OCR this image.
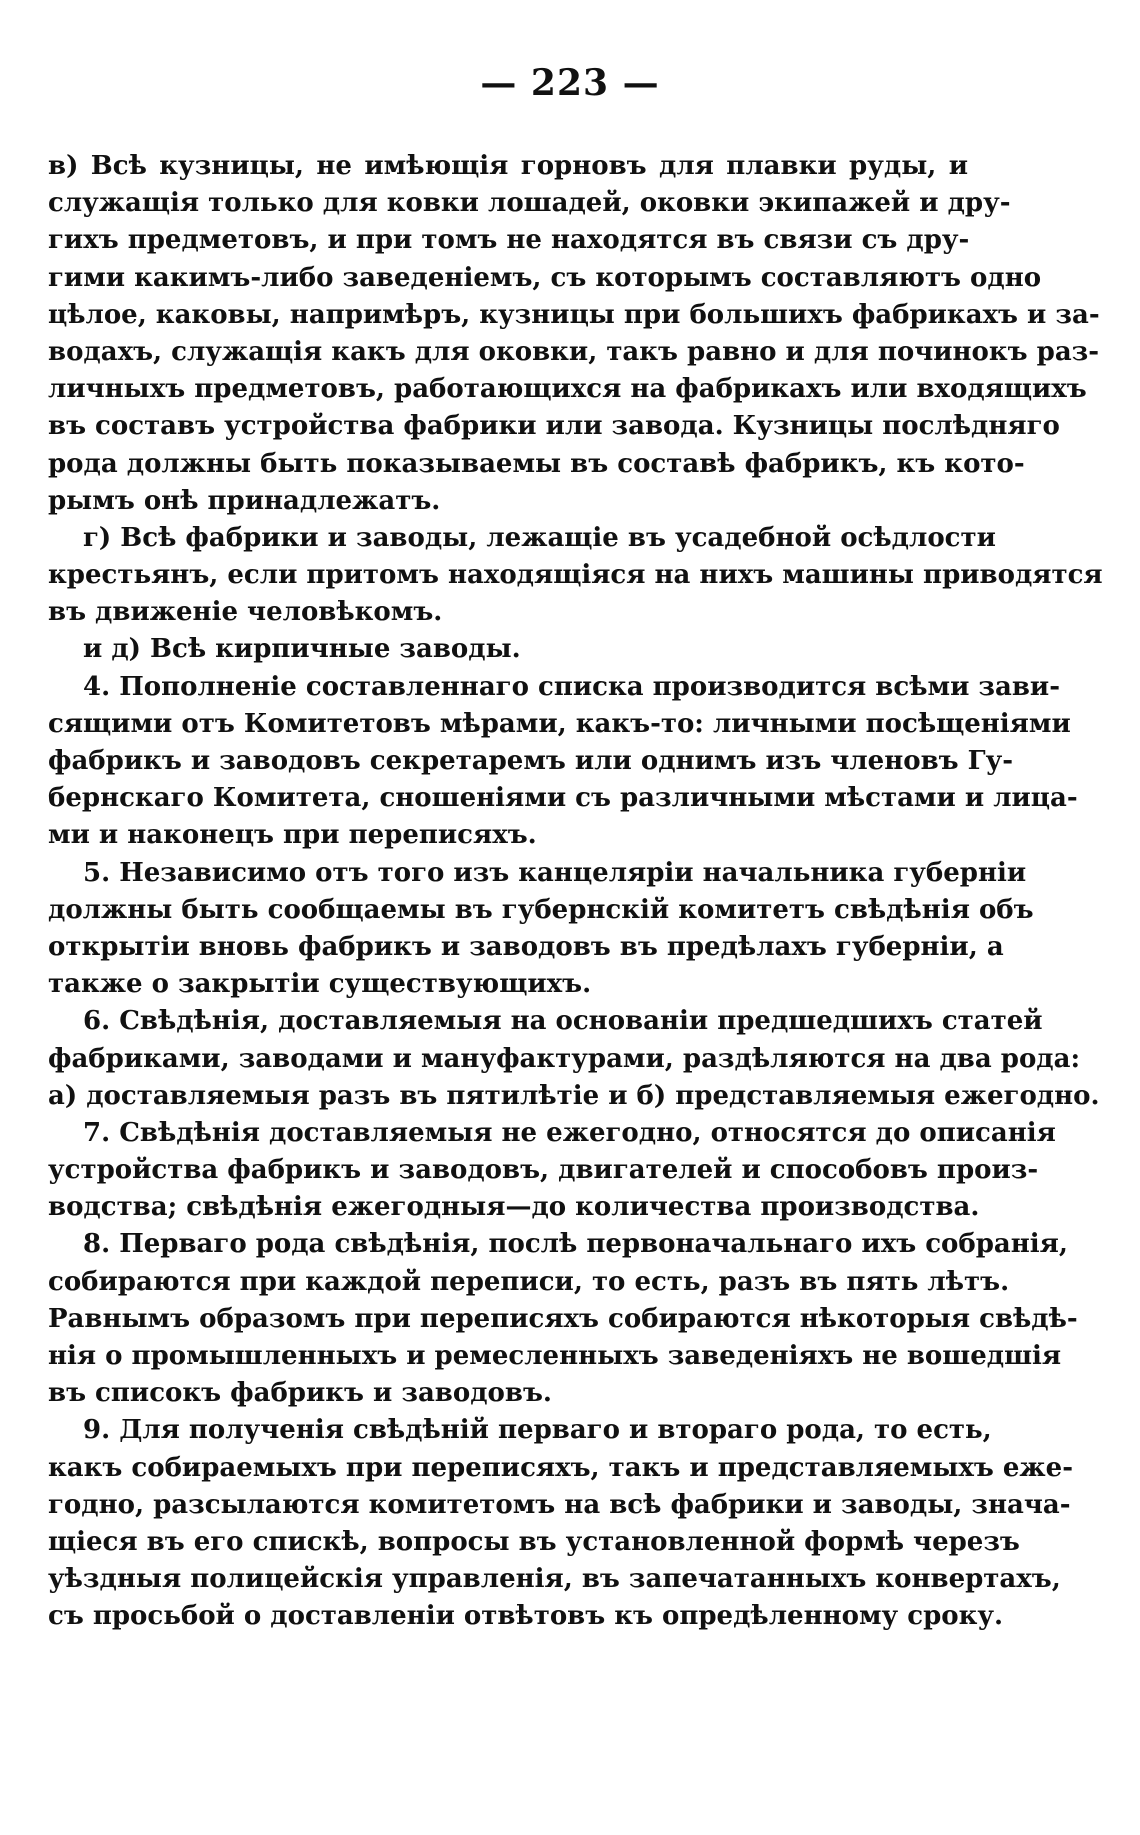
— 223 —
в) Всѣ кузницы, не имѣющія горновъ для плавки руды, и
служащія только для ковки лошадей, оковки экипажей и дру-
гихъ предметовъ, и при томъ не находятся въ связи съ дру-
гими какимъ-либо заведеніемъ, съ которымъ составляютъ одно
цѣлое, каковы, напримѣръ, кузницы при большихъ фабрикахъ и за-
водахъ, служащія какъ для оковки, такъ равно и для починокъ раз-
личныхъ предметовъ, работающихся на фабрикахъ или входящихъ
въ составъ устройства фабрики или завода. Кузницы послѣдняго
рода должны быть показываемы въ составѣ фабрикъ, къ кото-
рымъ онѣ принадлежатъ.
г) Всѣ фабрики и заводы, лежащіе въ усадебной осѣдлости
крестьянъ, если притомъ находящіяся на нихъ машины приводятся
въ движеніе человѣкомъ.
и д) Всѣ кирпичные заводы.
4. Пополненіе составленнаго списка производится всѣми зави-
сящими отъ Комитетовъ мѣрами, какъ-то: личными посѣщеніями
фабрикъ и заводовъ секретаремъ или однимъ изъ членовъ Гу-
бернскаго Комитета, сношеніями съ различными мѣстами и лица-
ми и наконецъ при переписяхъ.
5. Независимо отъ того изъ канцеляріи начальника губерніи
должны быть сообщаемы въ губернскій комитетъ свѣдѣнія объ
открытіи вновь фабрикъ и заводовъ въ предѣлахъ губерніи, а
также о закрытіи существующихъ.
6. Свѣдѣнія, доставляемыя на основаніи предшедшихъ статей
фабриками, заводами и мануфактурами, раздѣляются на два рода:
а) доставляемыя разъ въ пятилѣтіе и б) представляемыя ежегодно.
7. Свѣдѣнія доставляемыя не ежегодно, относятся до описанія
устройства фабрикъ и заводовъ, двигателей и способовъ произ-
водства; свѣдѣнія ежегодныя—до количества производства.
8. Перваго рода свѣдѣнія, послѣ первоначальнаго ихъ собранія,
собираются при каждой переписи, то есть, разъ въ пять лѣтъ.
Равнымъ образомъ при переписяхъ собираются нѣкоторыя свѣдѣ-
нія о промышленныхъ и ремесленныхъ заведеніяхъ не вошедшія
въ списокъ фабрикъ и заводовъ.
9. Для полученія свѣдѣній перваго и втораго рода, то есть,
какъ собираемыхъ при переписяхъ, такъ и представляемыхъ еже-
годно, разсылаются комитетомъ на всѣ фабрики и заводы, значa-
щіеся въ его спискѣ, вопросы въ установленной формѣ черезъ
уѣздныя полицейскія управленія, въ запечатанныхъ конвертахъ,
съ просьбой о доставленіи отвѣтовъ къ опредѣленному сроку.
